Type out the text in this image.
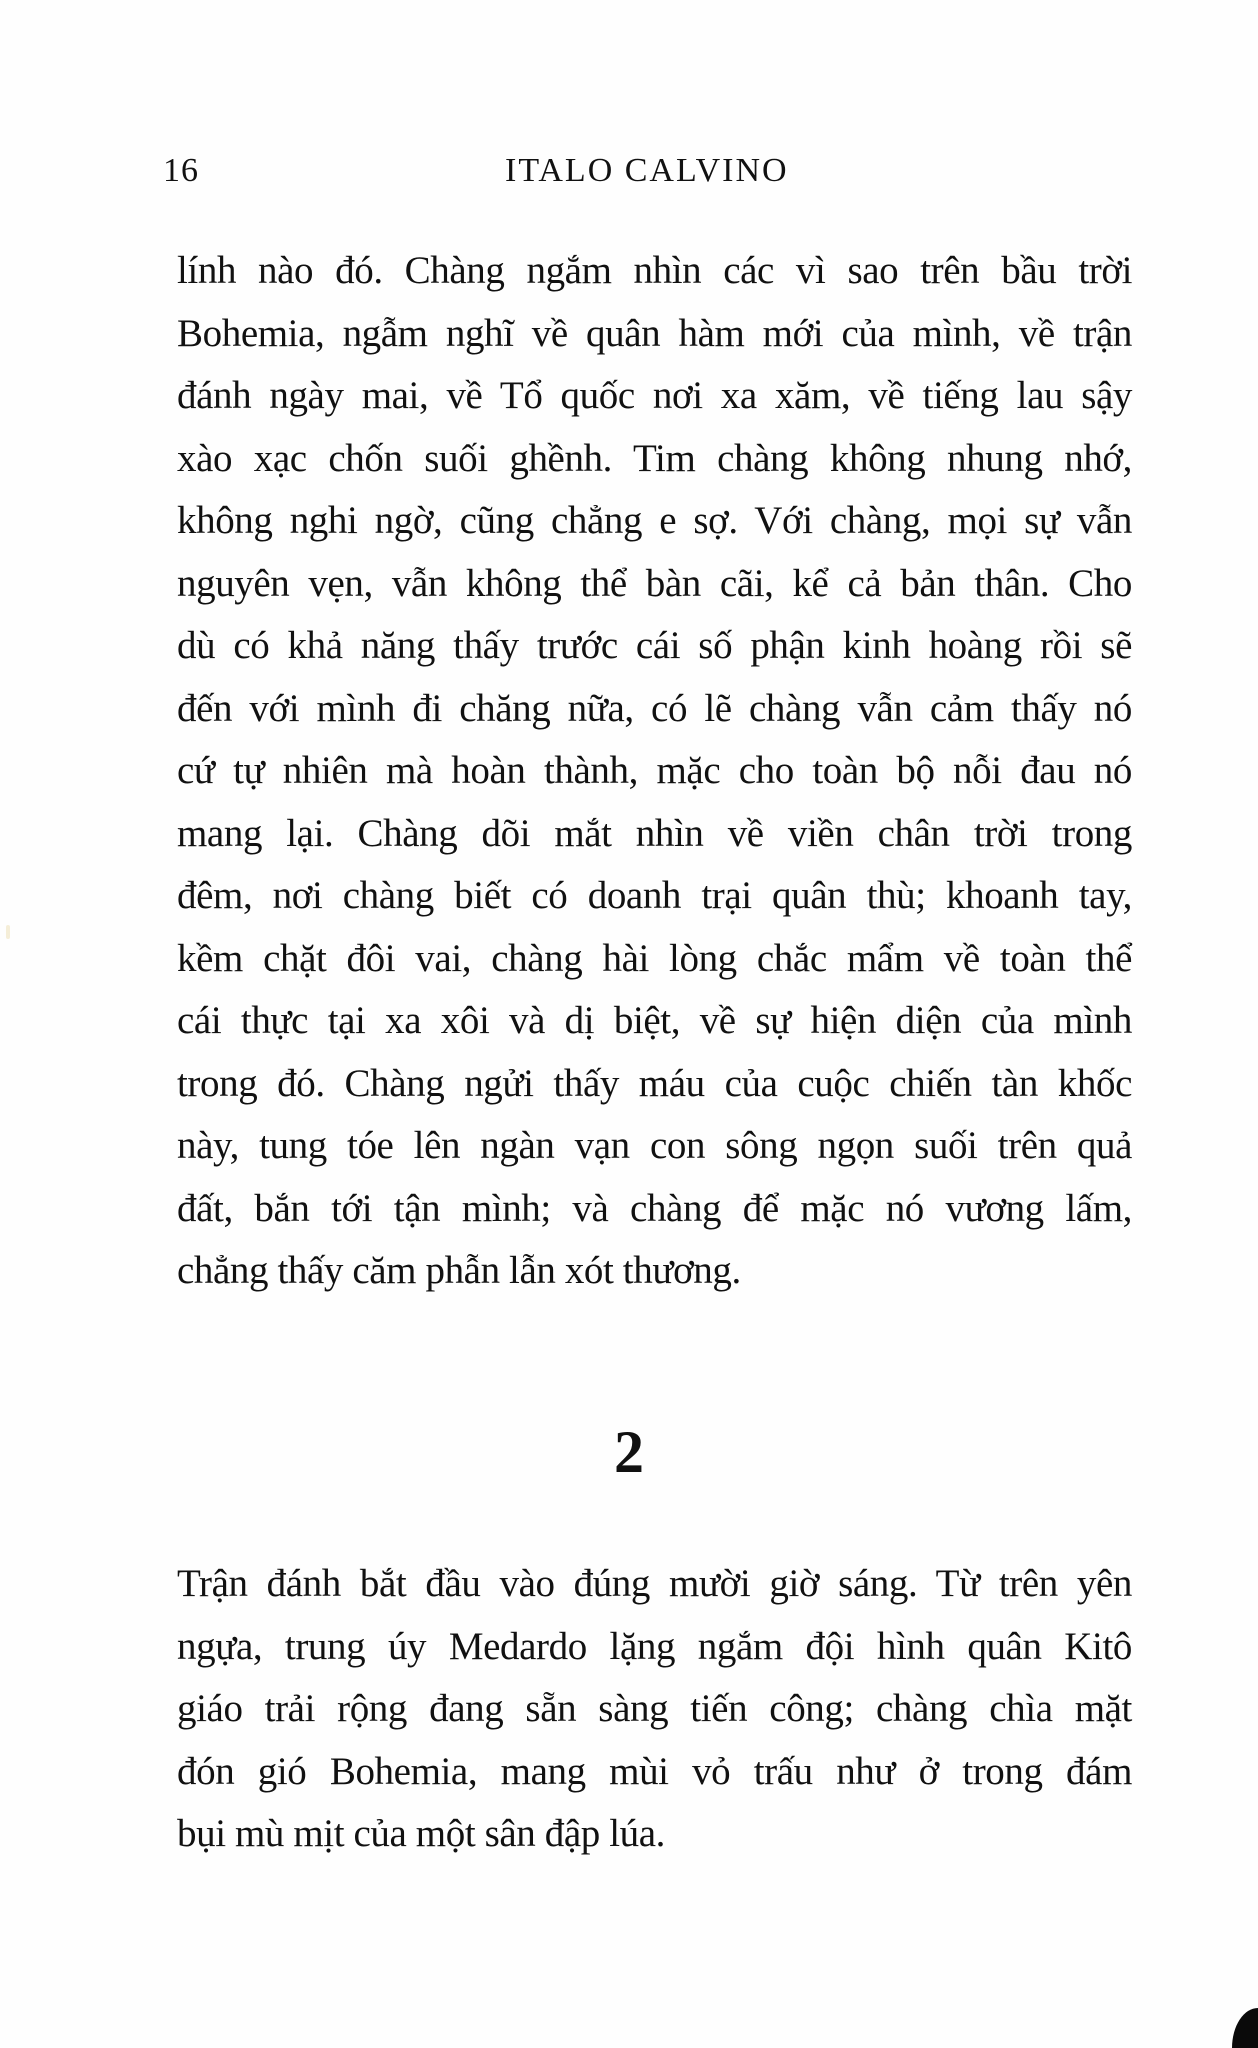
16	ITALO CALVINO
lính nào đó. Chàng ngắm nhìn các vì sao trên bầu trời
Bohemia, ngẫm nghĩ về quân hàm mới của mình, về trận
đánh ngày mai, về Tổ quốc nơi xa xăm, về tiếng lau sậy
xào xạc chốn suối ghềnh. Tim chàng không nhung nhớ,
không nghi ngờ, cũng chẳng e sợ. Với chàng, mọi sự vẫn
nguyên vẹn, vẫn không thể bàn cãi, kể cả bản thân. Cho
dù có khả năng thấy trước cái số phận kinh hoàng rồi sẽ
đến với mình đi chăng nữa, có lẽ chàng vẫn cảm thấy nó
cứ tự nhiên mà hoàn thành, mặc cho toàn bộ nỗi đau nó
mang lại. Chàng dõi mắt nhìn về viền chân trời trong
đêm, nơi chàng biết có doanh trại quân thù; khoanh tay,
kềm chặt đôi vai, chàng hài lòng chắc mẩm về toàn thể
cái thực tại xa xôi và dị biệt, về sự hiện diện của mình
trong đó. Chàng ngửi thấy máu của cuộc chiến tàn khốc
này, tung tóe lên ngàn vạn con sông ngọn suối trên quả
đất, bắn tới tận mình; và chàng để mặc nó vương lấm,
chẳng thấy căm phẫn lẫn xót thương.
2
Trận đánh bắt đầu vào đúng mười giờ sáng. Từ trên yên
ngựa, trung úy Medardo lặng ngắm đội hình quân Kitô
giáo trải rộng đang sẵn sàng tiến công; chàng chìa mặt
đón gió Bohemia, mang mùi vỏ trấu như ở trong đám
bụi mù mịt của một sân đập lúa.
